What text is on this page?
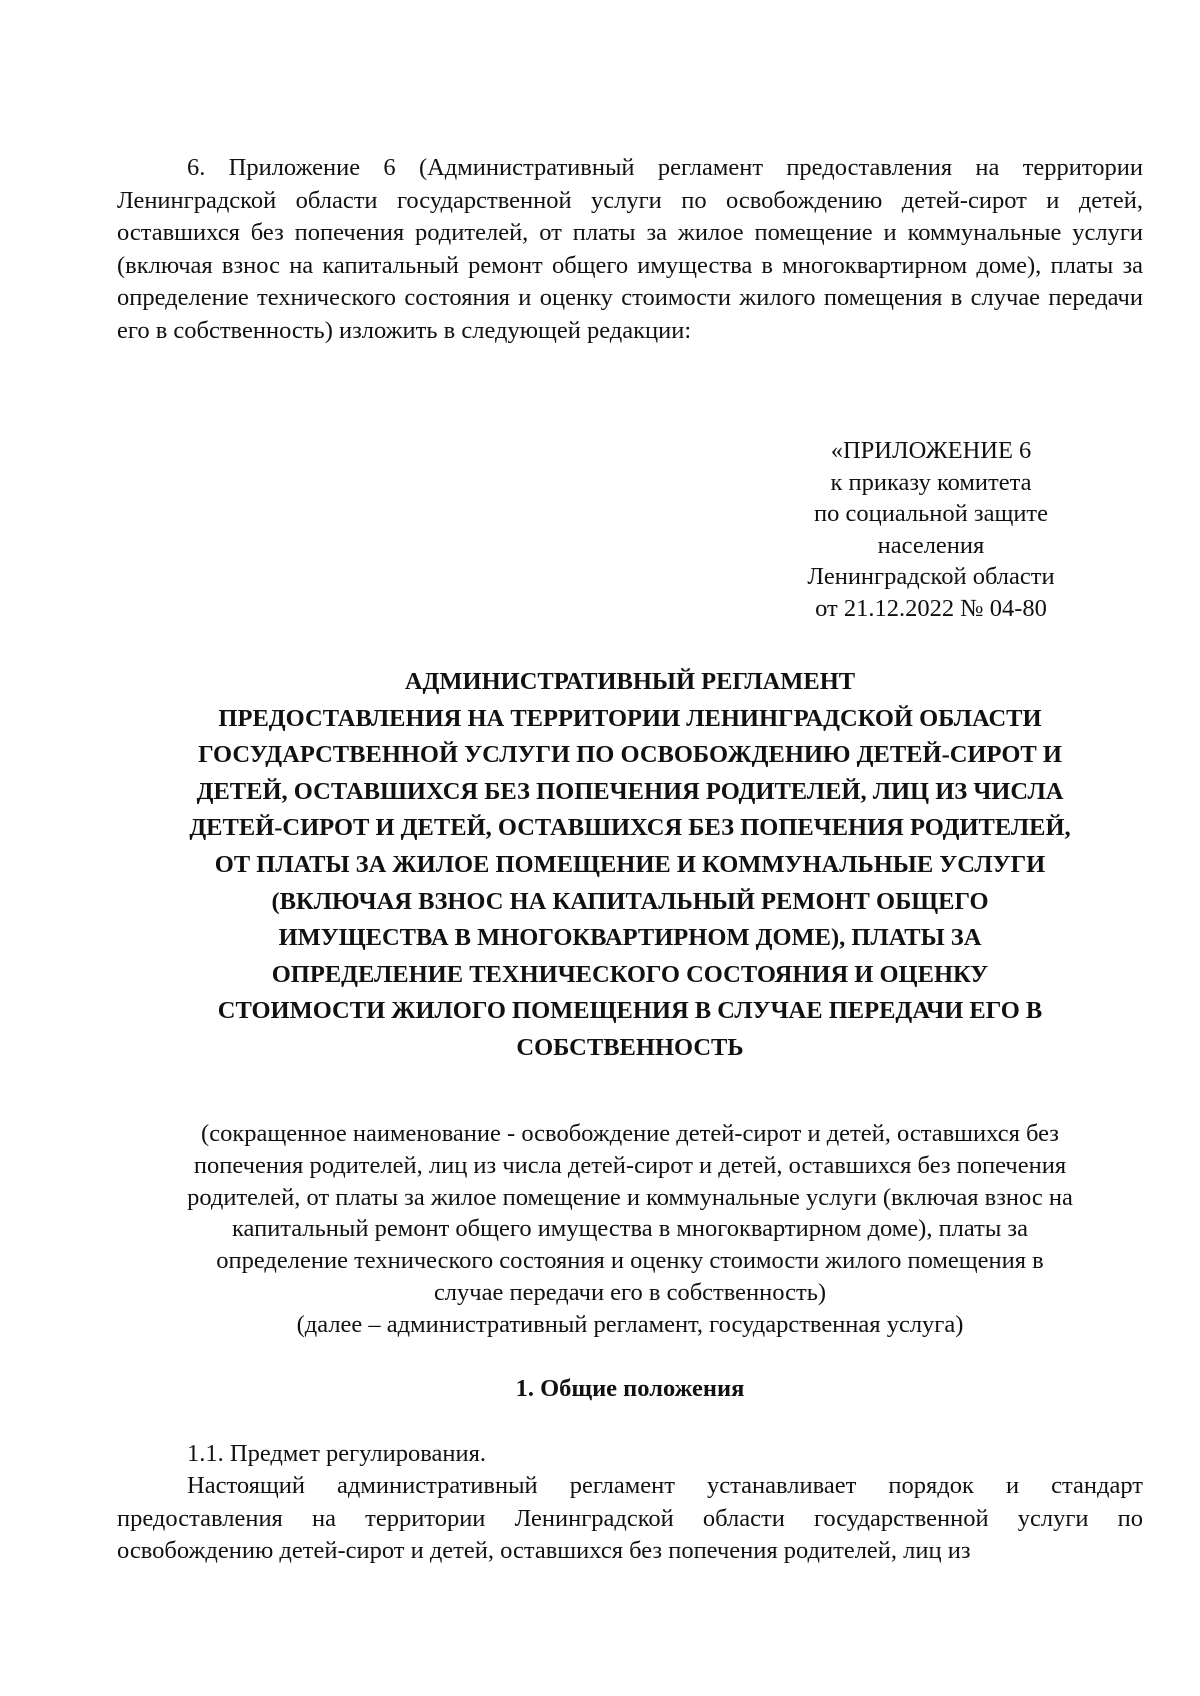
6. Приложение 6 (Административный регламент предоставления на территории Ленинградской области государственной услуги по освобождению детей-сирот и детей, оставшихся без попечения родителей, от платы за жилое помещение и коммунальные услуги (включая взнос на капитальный ремонт общего имущества в многоквартирном доме), платы за определение технического состояния и оценку стоимости жилого помещения в случае передачи его в собственность) изложить в следующей редакции:

«ПРИЛОЖЕНИЕ 6
к приказу комитета
по социальной защите
населения
Ленинградской области
от 21.12.2022 № 04-80
АДМИНИСТРАТИВНЫЙ РЕГЛАМЕНТ
ПРЕДОСТАВЛЕНИЯ НА ТЕРРИТОРИИ ЛЕНИНГРАДСКОЙ ОБЛАСТИ
ГОСУДАРСТВЕННОЙ УСЛУГИ ПО ОСВОБОЖДЕНИЮ ДЕТЕЙ-СИРОТ И
ДЕТЕЙ, ОСТАВШИХСЯ БЕЗ ПОПЕЧЕНИЯ РОДИТЕЛЕЙ, ЛИЦ ИЗ ЧИСЛА
ДЕТЕЙ-СИРОТ И ДЕТЕЙ, ОСТАВШИХСЯ БЕЗ ПОПЕЧЕНИЯ РОДИТЕЛЕЙ,
ОТ ПЛАТЫ ЗА ЖИЛОЕ ПОМЕЩЕНИЕ И КОММУНАЛЬНЫЕ УСЛУГИ
(ВКЛЮЧАЯ ВЗНОС НА КАПИТАЛЬНЫЙ РЕМОНТ ОБЩЕГО
ИМУЩЕСТВА В МНОГОКВАРТИРНОМ ДОМЕ), ПЛАТЫ ЗА
ОПРЕДЕЛЕНИЕ ТЕХНИЧЕСКОГО СОСТОЯНИЯ И ОЦЕНКУ
СТОИМОСТИ ЖИЛОГО ПОМЕЩЕНИЯ В СЛУЧАЕ ПЕРЕДАЧИ ЕГО В
СОБСТВЕННОСТЬ
(сокращенное наименование - освобождение детей-сирот и детей, оставшихся без
попечения родителей, лиц из числа детей-сирот и детей, оставшихся без попечения
родителей, от платы за жилое помещение и коммунальные услуги (включая взнос на
капитальный ремонт общего имущества в многоквартирном доме), платы за
определение технического состояния и оценку стоимости жилого помещения в
случае передачи его в собственность)
(далее – административный регламент, государственная услуга)
1. Общие положения
1.1. Предмет регулирования.

Настоящий административный регламент устанавливает порядок и стандарт предоставления на территории Ленинградской области государственной услуги по освобождению детей-сирот и детей, оставшихся без попечения родителей, лиц из
